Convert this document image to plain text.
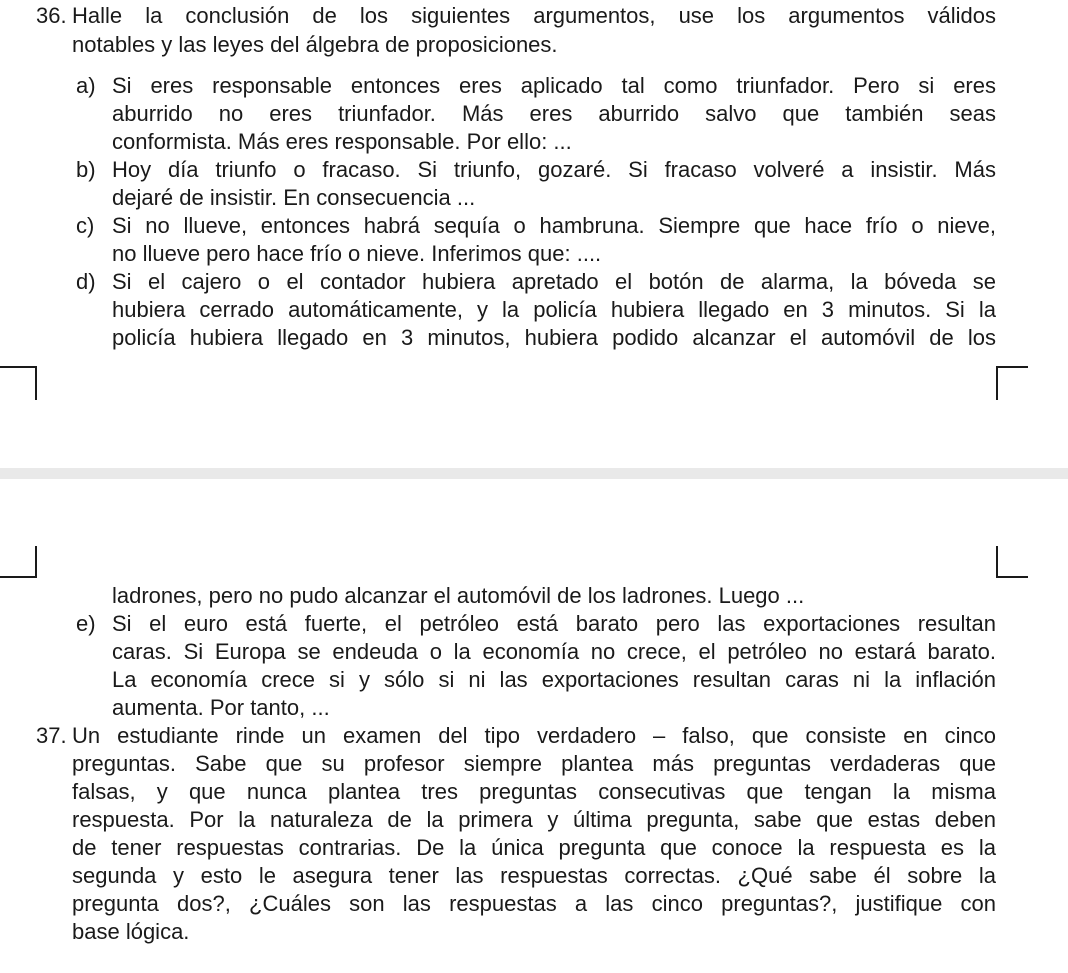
36. Halle la conclusión de los siguientes argumentos, use los argumentos válidos
notables y las leyes del álgebra de proposiciones.
a) Si eres responsable entonces eres aplicado tal como triunfador. Pero si eres
aburrido no eres triunfador. Más eres aburrido salvo que también seas
conformista. Más eres responsable. Por ello: ...
b) Hoy día triunfo o fracaso. Si triunfo, gozaré. Si fracaso volveré a insistir. Más
dejaré de insistir. En consecuencia ...
c) Si no llueve, entonces habrá sequía o hambruna. Siempre que hace frío o nieve,
no llueve pero hace frío o nieve. Inferimos que: ....
d) Si el cajero o el contador hubiera apretado el botón de alarma, la bóveda se
hubiera cerrado automáticamente, y la policía hubiera llegado en 3 minutos. Si la
policía hubiera llegado en 3 minutos, hubiera podido alcanzar el automóvil de los
ladrones, pero no pudo alcanzar el automóvil de los ladrones. Luego ...
e) Si el euro está fuerte, el petróleo está barato pero las exportaciones resultan
caras. Si Europa se endeuda o la economía no crece, el petróleo no estará barato.
La economía crece si y sólo si ni las exportaciones resultan caras ni la inflación
aumenta. Por tanto, ...
37. Un estudiante rinde un examen del tipo verdadero – falso, que consiste en cinco
preguntas. Sabe que su profesor siempre plantea más preguntas verdaderas que
falsas, y que nunca plantea tres preguntas consecutivas que tengan la misma
respuesta. Por la naturaleza de la primera y última pregunta, sabe que estas deben
de tener respuestas contrarias. De la única pregunta que conoce la respuesta es la
segunda y esto le asegura tener las respuestas correctas. ¿Qué sabe él sobre la
pregunta dos?, ¿Cuáles son las respuestas a las cinco preguntas?, justifique con
base lógica.
